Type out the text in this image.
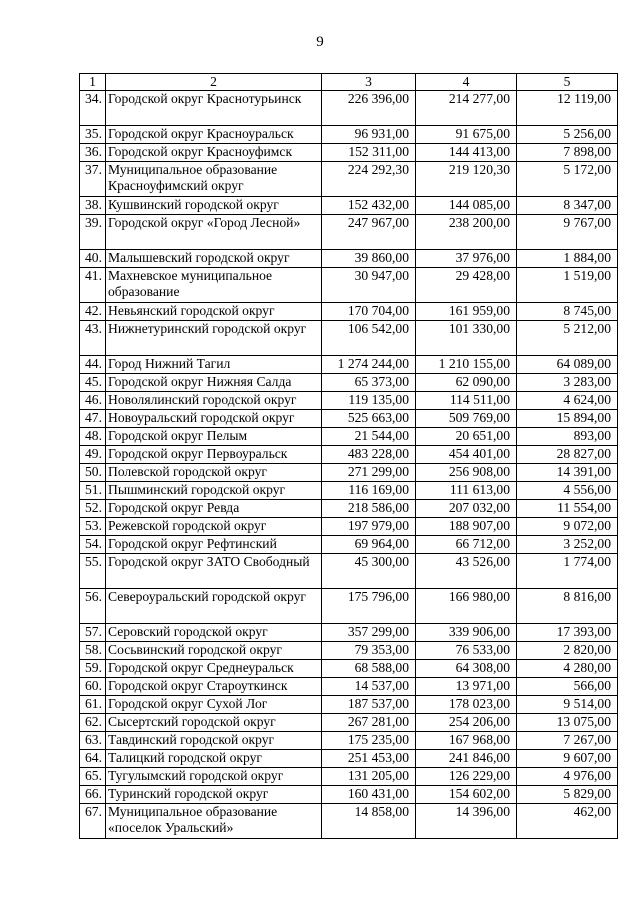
9
1	2	3	4	5
34.	Городской округ Краснотурьинск	226 396,00	214 277,00	12 119,00
35.	Городской округ Красноуральск	96 931,00	91 675,00	5 256,00
36.	Городской округ Красноуфимск	152 311,00	144 413,00	7 898,00
37.	Муниципальное образование Красноуфимский округ	224 292,30	219 120,30	5 172,00
38.	Кушвинский городской округ	152 432,00	144 085,00	8 347,00
39.	Городской округ «Город Лесной»	247 967,00	238 200,00	9 767,00
40.	Малышевский городской округ	39 860,00	37 976,00	1 884,00
41.	Махневское муниципальное образование	30 947,00	29 428,00	1 519,00
42.	Невьянский городской округ	170 704,00	161 959,00	8 745,00
43.	Нижнетуринский городской округ	106 542,00	101 330,00	5 212,00
44.	Город Нижний Тагил	1 274 244,00	1 210 155,00	64 089,00
45.	Городской округ Нижняя Салда	65 373,00	62 090,00	3 283,00
46.	Новолялинский городской округ	119 135,00	114 511,00	4 624,00
47.	Новоуральский городской округ	525 663,00	509 769,00	15 894,00
48.	Городской округ Пелым	21 544,00	20 651,00	893,00
49.	Городской округ Первоуральск	483 228,00	454 401,00	28 827,00
50.	Полевской городской округ	271 299,00	256 908,00	14 391,00
51.	Пышминский городской округ	116 169,00	111 613,00	4 556,00
52.	Городской округ Ревда	218 586,00	207 032,00	11 554,00
53.	Режевской городской округ	197 979,00	188 907,00	9 072,00
54.	Городской округ Рефтинский	69 964,00	66 712,00	3 252,00
55.	Городской округ ЗАТО Свободный	45 300,00	43 526,00	1 774,00
56.	Североуральский городской округ	175 796,00	166 980,00	8 816,00
57.	Серовский городской округ	357 299,00	339 906,00	17 393,00
58.	Сосьвинский городской округ	79 353,00	76 533,00	2 820,00
59.	Городской округ Среднеуральск	68 588,00	64 308,00	4 280,00
60.	Городской округ Староуткинск	14 537,00	13 971,00	566,00
61.	Городской округ Сухой Лог	187 537,00	178 023,00	9 514,00
62.	Сысертский городской округ	267 281,00	254 206,00	13 075,00
63.	Тавдинский городской округ	175 235,00	167 968,00	7 267,00
64.	Талицкий городской округ	251 453,00	241 846,00	9 607,00
65.	Тугулымский городской округ	131 205,00	126 229,00	4 976,00
66.	Туринский городской округ	160 431,00	154 602,00	5 829,00
67.	Муниципальное образование «поселок Уральский»	14 858,00	14 396,00	462,00
